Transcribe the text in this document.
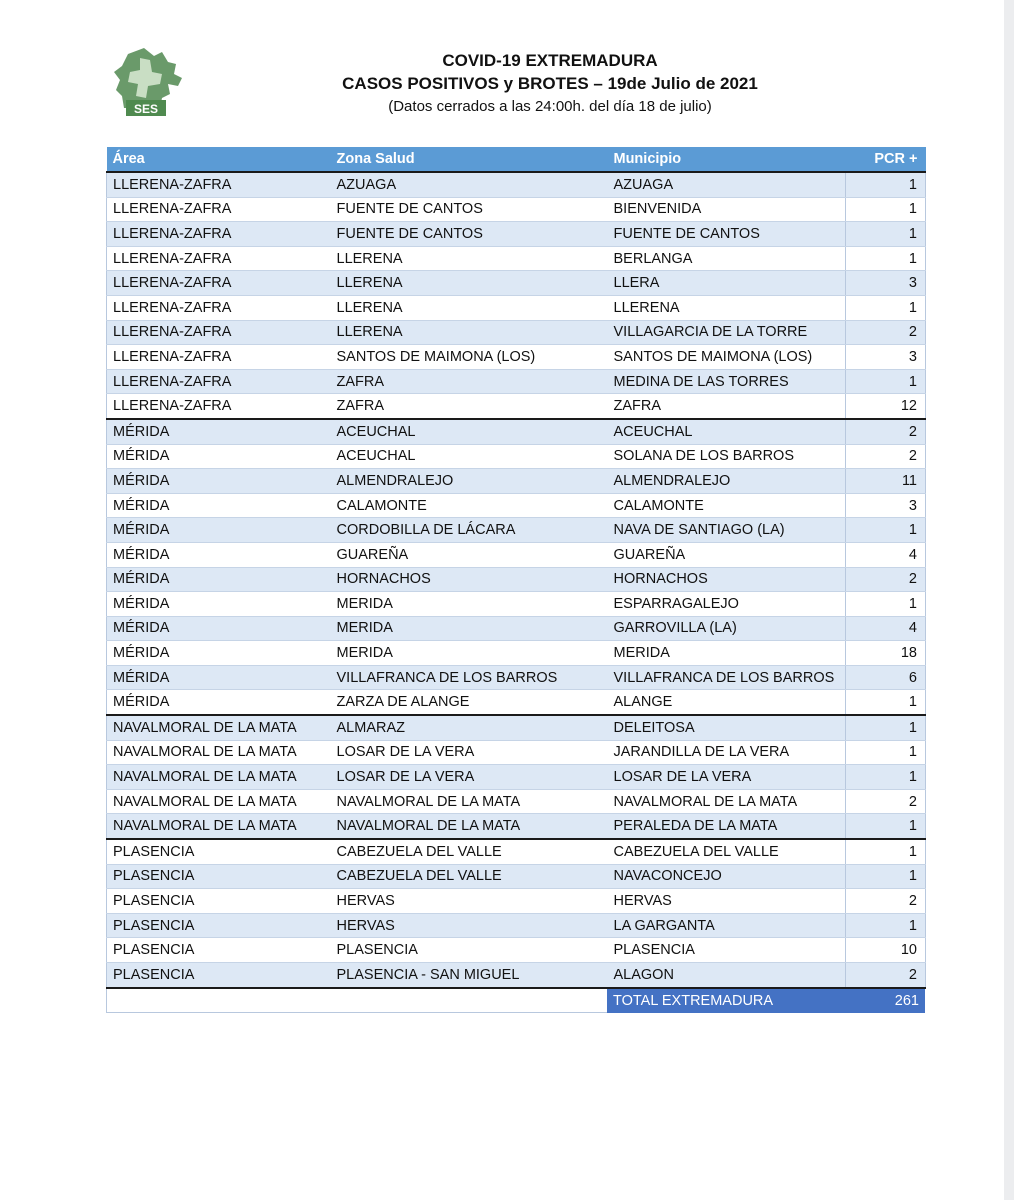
SES
COVID-19 EXTREMADURA
CASOS POSITIVOS y BROTES – 19de Julio de 2021
(Datos cerrados a las 24:00h. del día 18 de julio)
Área	Zona Salud	Municipio	PCR +
LLERENA-ZAFRA	AZUAGA	AZUAGA	1
LLERENA-ZAFRA	FUENTE DE CANTOS	BIENVENIDA	1
LLERENA-ZAFRA	FUENTE DE CANTOS	FUENTE DE CANTOS	1
LLERENA-ZAFRA	LLERENA	BERLANGA	1
LLERENA-ZAFRA	LLERENA	LLERA	3
LLERENA-ZAFRA	LLERENA	LLERENA	1
LLERENA-ZAFRA	LLERENA	VILLAGARCIA DE LA TORRE	2
LLERENA-ZAFRA	SANTOS DE MAIMONA (LOS)	SANTOS DE MAIMONA (LOS)	3
LLERENA-ZAFRA	ZAFRA	MEDINA DE LAS TORRES	1
LLERENA-ZAFRA	ZAFRA	ZAFRA	12
MÉRIDA	ACEUCHAL	ACEUCHAL	2
MÉRIDA	ACEUCHAL	SOLANA DE LOS BARROS	2
MÉRIDA	ALMENDRALEJO	ALMENDRALEJO	11
MÉRIDA	CALAMONTE	CALAMONTE	3
MÉRIDA	CORDOBILLA DE LÁCARA	NAVA DE SANTIAGO (LA)	1
MÉRIDA	GUAREÑA	GUAREÑA	4
MÉRIDA	HORNACHOS	HORNACHOS	2
MÉRIDA	MERIDA	ESPARRAGALEJO	1
MÉRIDA	MERIDA	GARROVILLA (LA)	4
MÉRIDA	MERIDA	MERIDA	18
MÉRIDA	VILLAFRANCA DE LOS BARROS	VILLAFRANCA DE LOS BARROS	6
MÉRIDA	ZARZA DE ALANGE	ALANGE	1
NAVALMORAL DE LA MATA	ALMARAZ	DELEITOSA	1
NAVALMORAL DE LA MATA	LOSAR DE LA VERA	JARANDILLA DE LA VERA	1
NAVALMORAL DE LA MATA	LOSAR DE LA VERA	LOSAR DE LA VERA	1
NAVALMORAL DE LA MATA	NAVALMORAL DE LA MATA	NAVALMORAL DE LA MATA	2
NAVALMORAL DE LA MATA	NAVALMORAL DE LA MATA	PERALEDA DE LA MATA	1
PLASENCIA	CABEZUELA DEL VALLE	CABEZUELA DEL VALLE	1
PLASENCIA	CABEZUELA DEL VALLE	NAVACONCEJO	1
PLASENCIA	HERVAS	HERVAS	2
PLASENCIA	HERVAS	LA GARGANTA	1
PLASENCIA	PLASENCIA	PLASENCIA	10
PLASENCIA	PLASENCIA - SAN MIGUEL	ALAGON	2
TOTAL EXTREMADURA	261
